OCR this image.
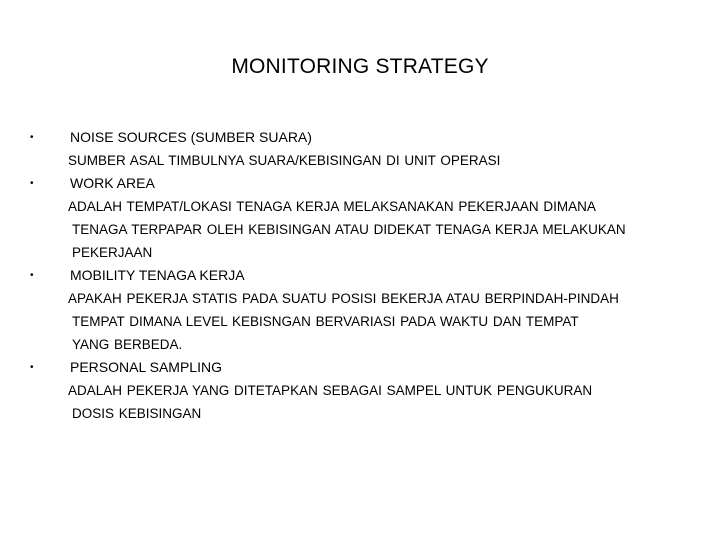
MONITORING STRATEGY
•	NOISE SOURCES (SUMBER SUARA)
SUMBER ASAL TIMBULNYA SUARA/KEBISINGAN DI UNIT OPERASI
•	WORK AREA
ADALAH TEMPAT/LOKASI TENAGA KERJA MELAKSANAKAN PEKERJAAN DIMANA
TENAGA TERPAPAR OLEH KEBISINGAN ATAU DIDEKAT TENAGA KERJA MELAKUKAN
PEKERJAAN
•	MOBILITY TENAGA KERJA
APAKAH PEKERJA STATIS PADA SUATU POSISI BEKERJA ATAU BERPINDAH-PINDAH
TEMPAT DIMANA LEVEL KEBISNGAN BERVARIASI PADA WAKTU DAN TEMPAT
YANG BERBEDA.
•	PERSONAL SAMPLING
ADALAH PEKERJA YANG DITETAPKAN SEBAGAI SAMPEL UNTUK PENGUKURAN
DOSIS KEBISINGAN
